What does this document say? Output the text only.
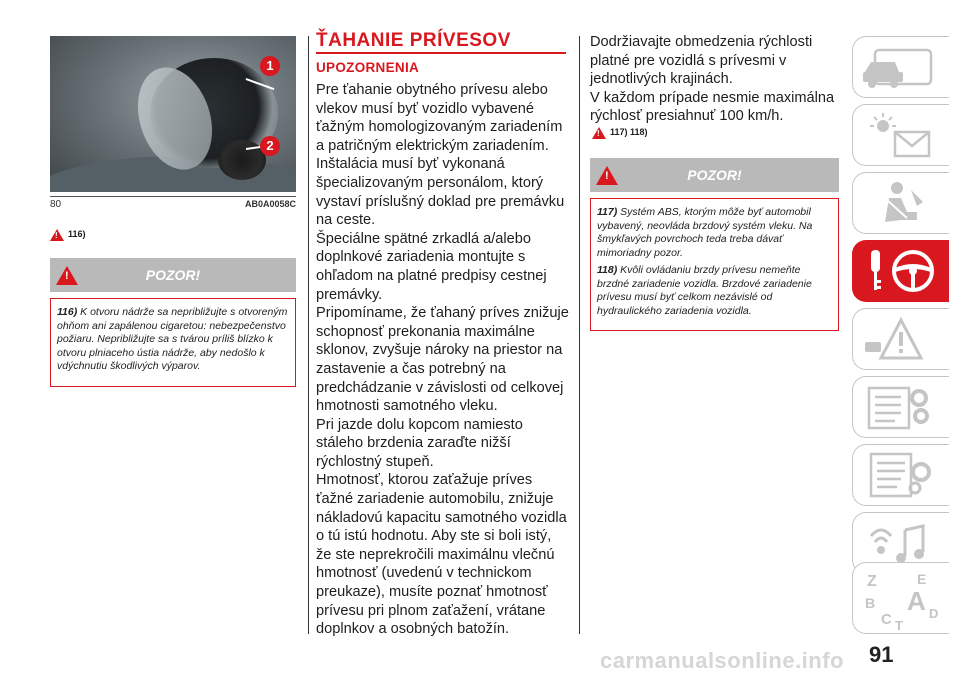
1
2
80	AB0A0058C
!
116)
!
POZOR!

116) K otvoru nádrže sa nepribližujte s otvoreným ohňom ani zapálenou cigaretou: nebezpečenstvo požiaru. Nepribližujte sa s tvárou príliš blízko k otvoru plniaceho ústia nádrže, aby nedošlo k vdýchnutiu škodlivých výparov.

ŤAHANIE PRÍVESOV
UPOZORNENIA

Pre ťahanie obytného prívesu alebo vlekov musí byť vozidlo vybavené ťažným homologizovaným zariadením a patričným elektrickým zariadením. Inštalácia musí byť vykonaná špecializovaným personálom, ktorý vystaví príslušný doklad pre premávku na ceste.

Špeciálne spätné zrkadlá a/alebo doplnkové zariadenia montujte s ohľadom na platné predpisy cestnej premávky.

Pripomíname, že ťahaný príves znižuje schopnosť prekonania maximálne sklonov, zvyšuje nároky na priestor na zastavenie a čas potrebný na predchádzanie v závislosti od celkovej hmotnosti samotného vleku.

Pri jazde dolu kopcom namiesto stáleho brzdenia zaraďte nižší rýchlostný stupeň.

Hmotnosť, ktorou zaťažuje príves ťažné zariadenie automobilu, znižuje nákladovú kapacitu samotného vozidla o tú istú hodnotu. Aby ste si boli istý, že ste neprekročili maximálnu vlečnú hmotnosť (uvedenú v technickom preukaze), musíte poznať hmotnosť prívesu pri plnom zaťažení, vrátane doplnkov a osobných batožín.

Dodržiavajte obmedzenia rýchlosti platné pre vozidlá s prívesmi v jednotlivých krajinách.

V každom prípade nesmie maximálna rýchlosť presiahnuť 100 km/h.

!
117) 118)
!
POZOR!

117) Systém ABS, ktorým môže byť automobil vybavený, neovláda brzdový systém vleku. Na šmykľavých povrchoch teda treba dávať mimoriadny pozor.

118) Kvôli ovládaniu brzdy prívesu nemeňte brzdné zariadenie vozidla. Brzdové zariadenie prívesu musí byť celkom nezávislé od hydraulického zariadenia vozidla.

Z	E
B A
C T
D
91
carmanualsonline.info
